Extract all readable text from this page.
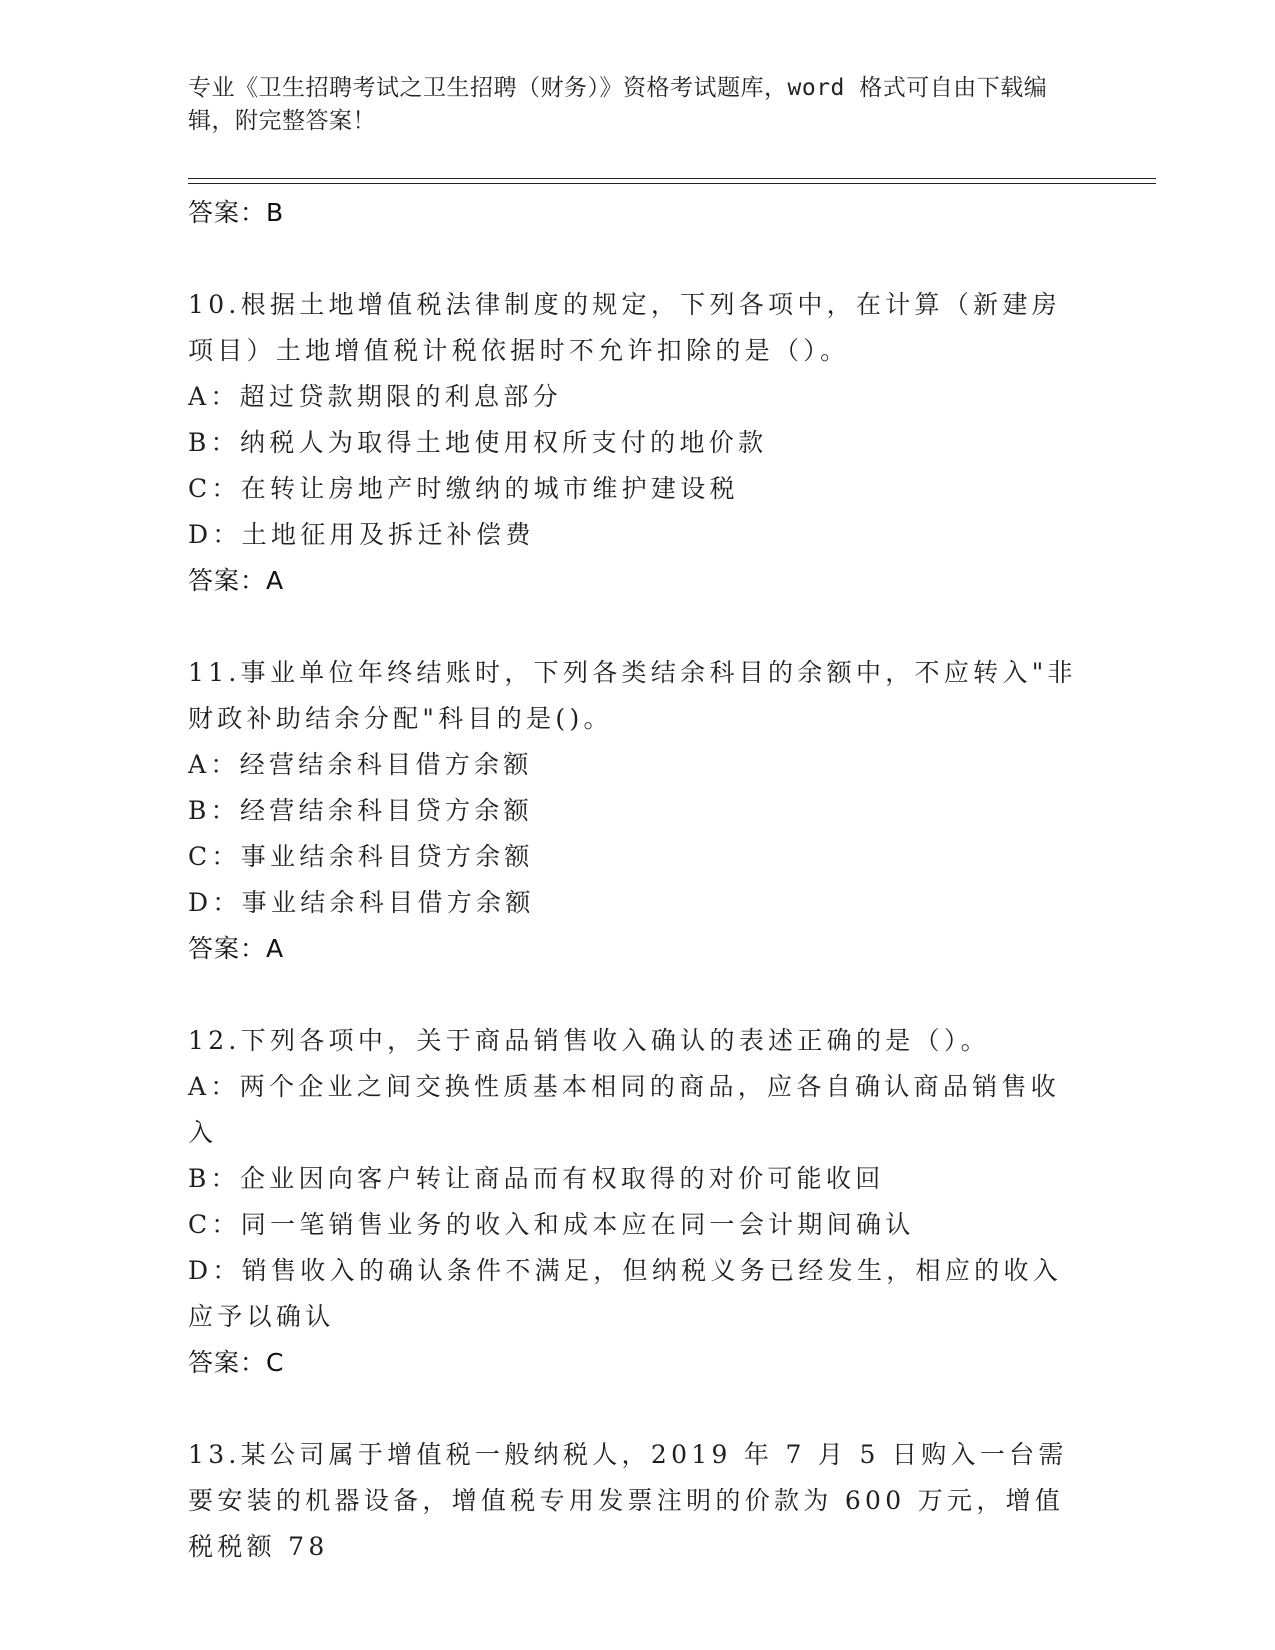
专业《卫生招聘考试之卫生招聘（财务）》资格考试题库，word 格式可自由下载编辑，附完整答案！
答案：B
10.根据土地增值税法律制度的规定，下列各项中，在计算（新建房项目）土地增值税计税依据时不允许扣除的是（）。
A：超过贷款期限的利息部分
B：纳税人为取得土地使用权所支付的地价款
C：在转让房地产时缴纳的城市维护建设税
D：土地征用及拆迁补偿费
答案：A
11.事业单位年终结账时，下列各类结余科目的余额中，不应转入"非财政补助结余分配"科目的是()。
A：经营结余科目借方余额
B：经营结余科目贷方余额
C：事业结余科目贷方余额
D：事业结余科目借方余额
答案：A
12.下列各项中，关于商品销售收入确认的表述正确的是（）。
A：两个企业之间交换性质基本相同的商品，应各自确认商品销售收入
B：企业因向客户转让商品而有权取得的对价可能收回
C：同一笔销售业务的收入和成本应在同一会计期间确认
D：销售收入的确认条件不满足，但纳税义务已经发生，相应的收入应予以确认
答案：C
13.某公司属于增值税一般纳税人，2019 年 7 月 5 日购入一台需要安装的机器设备，增值税专用发票注明的价款为 600 万元，增值税税额 78
